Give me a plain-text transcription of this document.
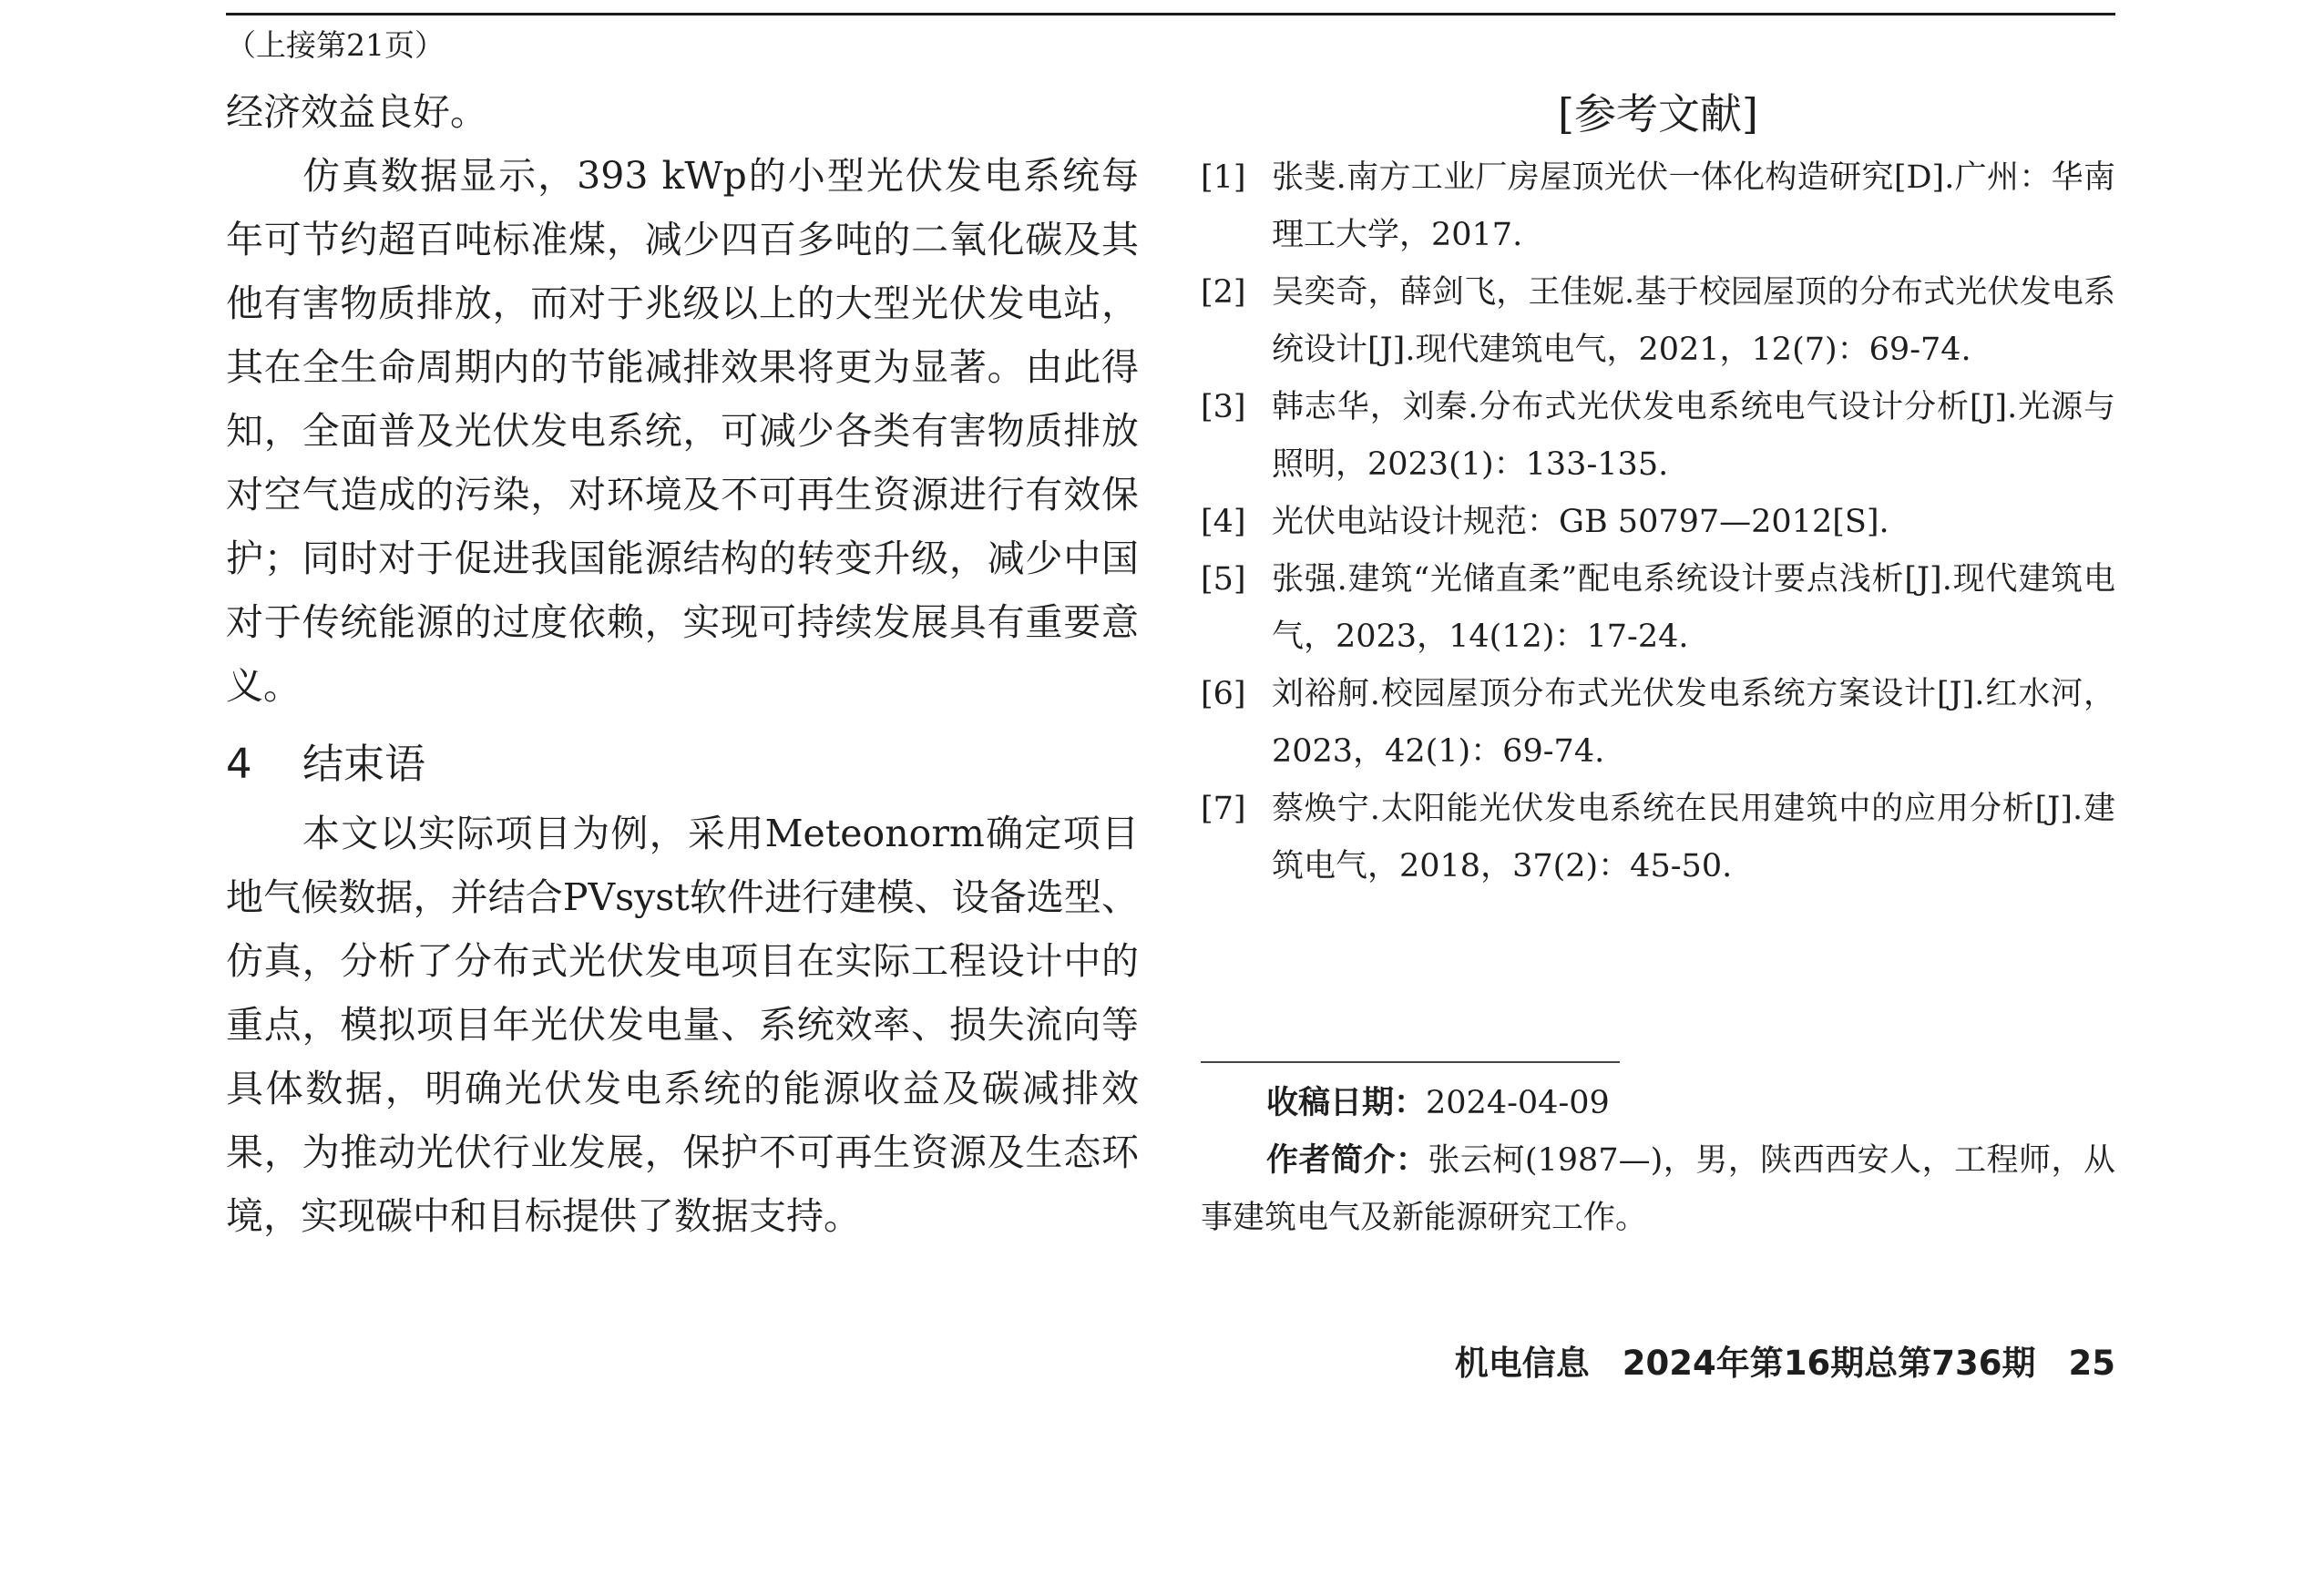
（上接第21页）

经济效益良好。

仿真数据显示，393 kWp的小型光伏发电系统每年可节约超百吨标准煤，减少四百多吨的二氧化碳及其他有害物质排放，而对于兆级以上的大型光伏发电站，其在全生命周期内的节能减排效果将更为显著。由此得知，全面普及光伏发电系统，可减少各类有害物质排放对空气造成的污染，对环境及不可再生资源进行有效保护；同时对于促进我国能源结构的转变升级，减少中国对于传统能源的过度依赖，实现可持续发展具有重要意义。

4 结束语

本文以实际项目为例，采用Meteonorm确定项目地气候数据，并结合PVsyst软件进行建模、设备选型、仿真，分析了分布式光伏发电项目在实际工程设计中的重点，模拟项目年光伏发电量、系统效率、损失流向等具体数据，明确光伏发电系统的能源收益及碳减排效果，为推动光伏行业发展，保护不可再生资源及生态环境，实现碳中和目标提供了数据支持。

[参考文献]
[1] 张斐.南方工业厂房屋顶光伏一体化构造研究[D].广州：华南理工大学，2017.
[2] 吴奕奇，薛剑飞，王佳妮.基于校园屋顶的分布式光伏发电系统设计[J].现代建筑电气，2021，12(7)：69-74.
[3] 韩志华，刘秦.分布式光伏发电系统电气设计分析[J].光源与照明，2023(1)：133-135.
[4] 光伏电站设计规范：GB 50797—2012[S].
[5] 张强.建筑“光储直柔”配电系统设计要点浅析[J].现代建筑电气，2023，14(12)：17-24.
[6] 刘裕舸.校园屋顶分布式光伏发电系统方案设计[J].红水河，2023，42(1)：69-74.
[7] 蔡焕宁.太阳能光伏发电系统在民用建筑中的应用分析[J].建筑电气，2018，37(2)：45-50.
收稿日期：2024-04-09
作者简介：张云柯(1987—)，男，陕西西安人，工程师，从事建筑电气及新能源研究工作。
机电信息 2024年第16期总第736期 25
